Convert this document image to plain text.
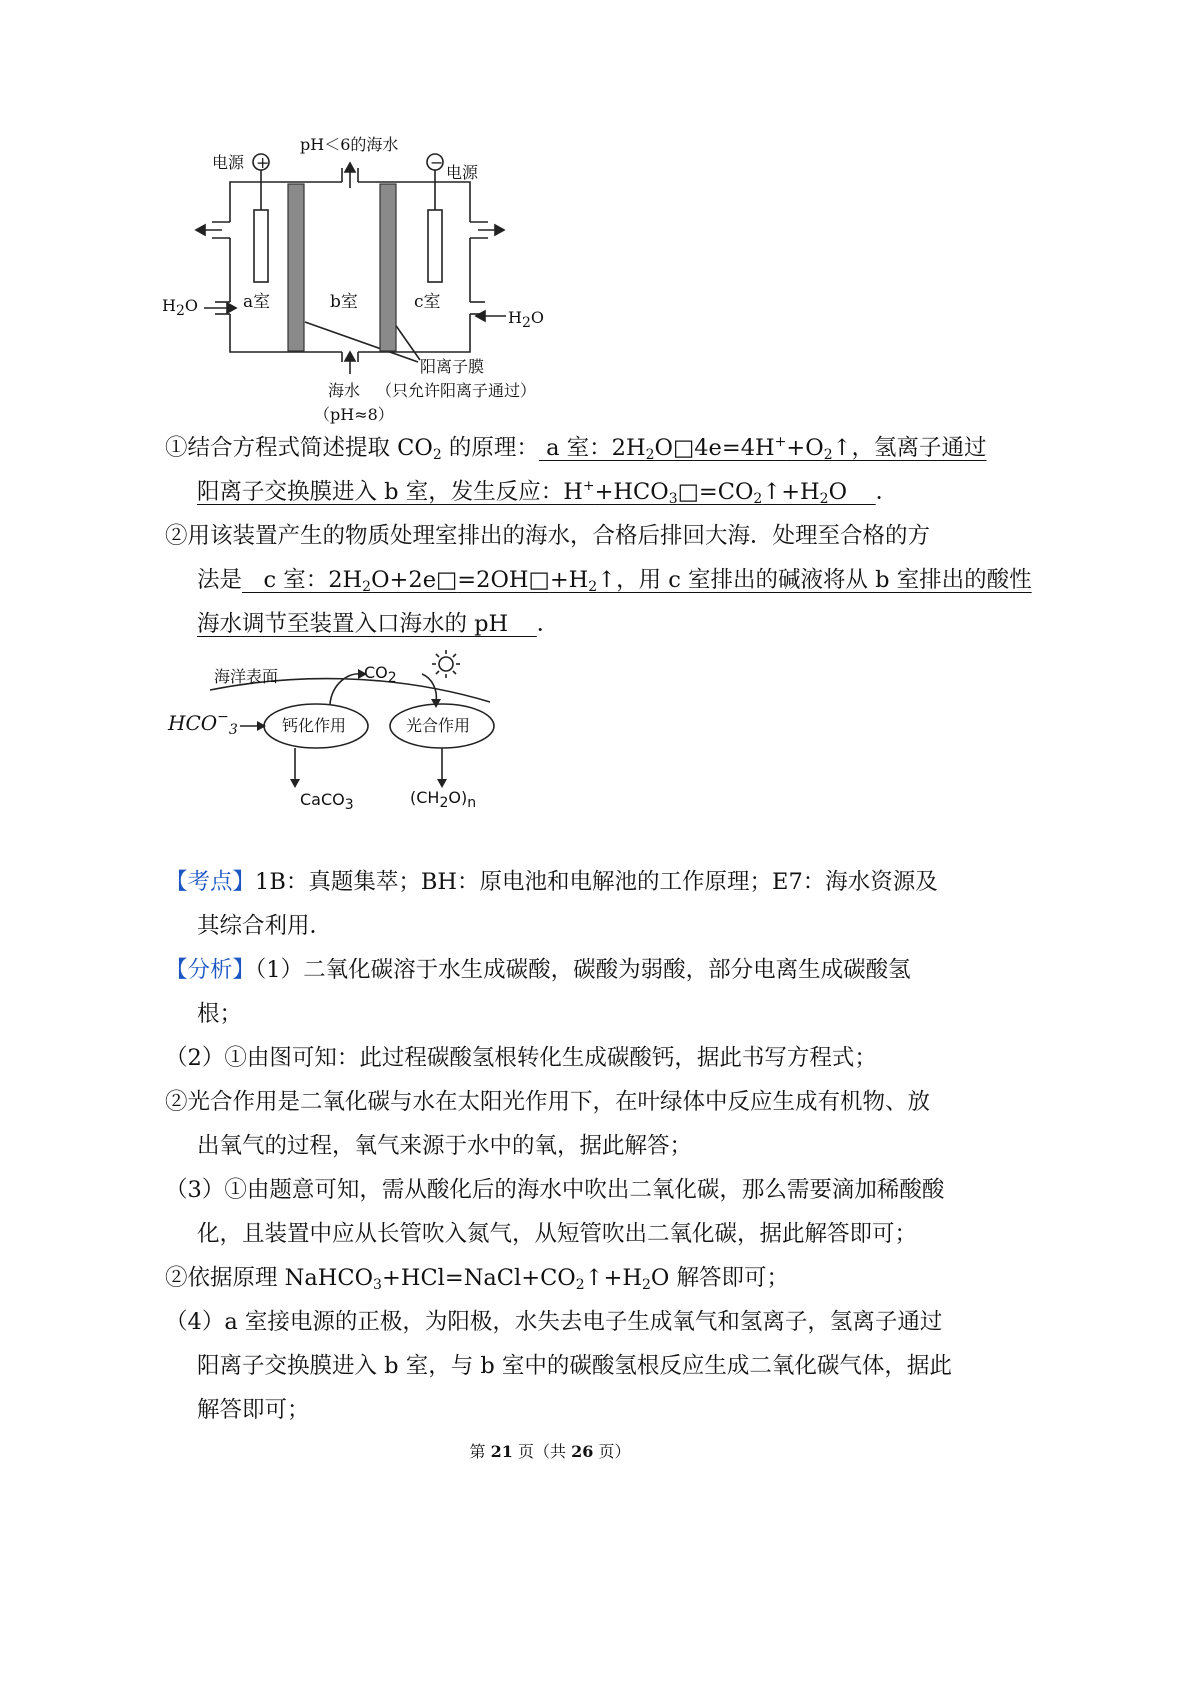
电源 +
pH＜6的海水
−
电源
$H_2O$	a室	b室	c室
$H_2O$
阳离子膜
海水 （只允许阳离子通过）
（pH≈8）
①结合方程式简述提取 $CO_2$ 的原理： a 室：$2H_2O□4e=4H^++O_2↑$，氢离子通过
阳离子交换膜进入 b 室，发生反应：$H^++HCO_3□=CO_2↑+H_2O$    ．
②用该装置产生的物质处理室排出的海水，合格后排回大海．处理至合格的方
法是   c 室：$2H_2O+2e□=2OH□+H_2↑$，用 c 室排出的碱液将从 b 室排出的酸性
海水调节至装置入口海水的 pH    ．
海洋表面	$CO_2$
$HCO^-_3$	钙化作用	光合作用
CaCO$_3$	$(CH_2O)_n$
【考点】1B：真题集萃；BH：原电池和电解池的工作原理；E7：海水资源及
其综合利用．
【分析】（1）二氧化碳溶于水生成碳酸，碳酸为弱酸，部分电离生成碳酸氢
根；
（2）①由图可知：此过程碳酸氢根转化生成碳酸钙，据此书写方程式；
②光合作用是二氧化碳与水在太阳光作用下，在叶绿体中反应生成有机物、放
出氧气的过程，氧气来源于水中的氧，据此解答；
（3）①由题意可知，需从酸化后的海水中吹出二氧化碳，那么需要滴加稀酸酸
化，且装置中应从长管吹入氮气，从短管吹出二氧化碳，据此解答即可；
②依据原理 $NaHCO_3+HCl=NaCl+CO_2↑+H_2O$ 解答即可；
（4）a 室接电源的正极，为阳极，水失去电子生成氧气和氢离子，氢离子通过
阳离子交换膜进入 b 室，与 b 室中的碳酸氢根反应生成二氧化碳气体，据此
解答即可；
第 21 页（共 26 页）
